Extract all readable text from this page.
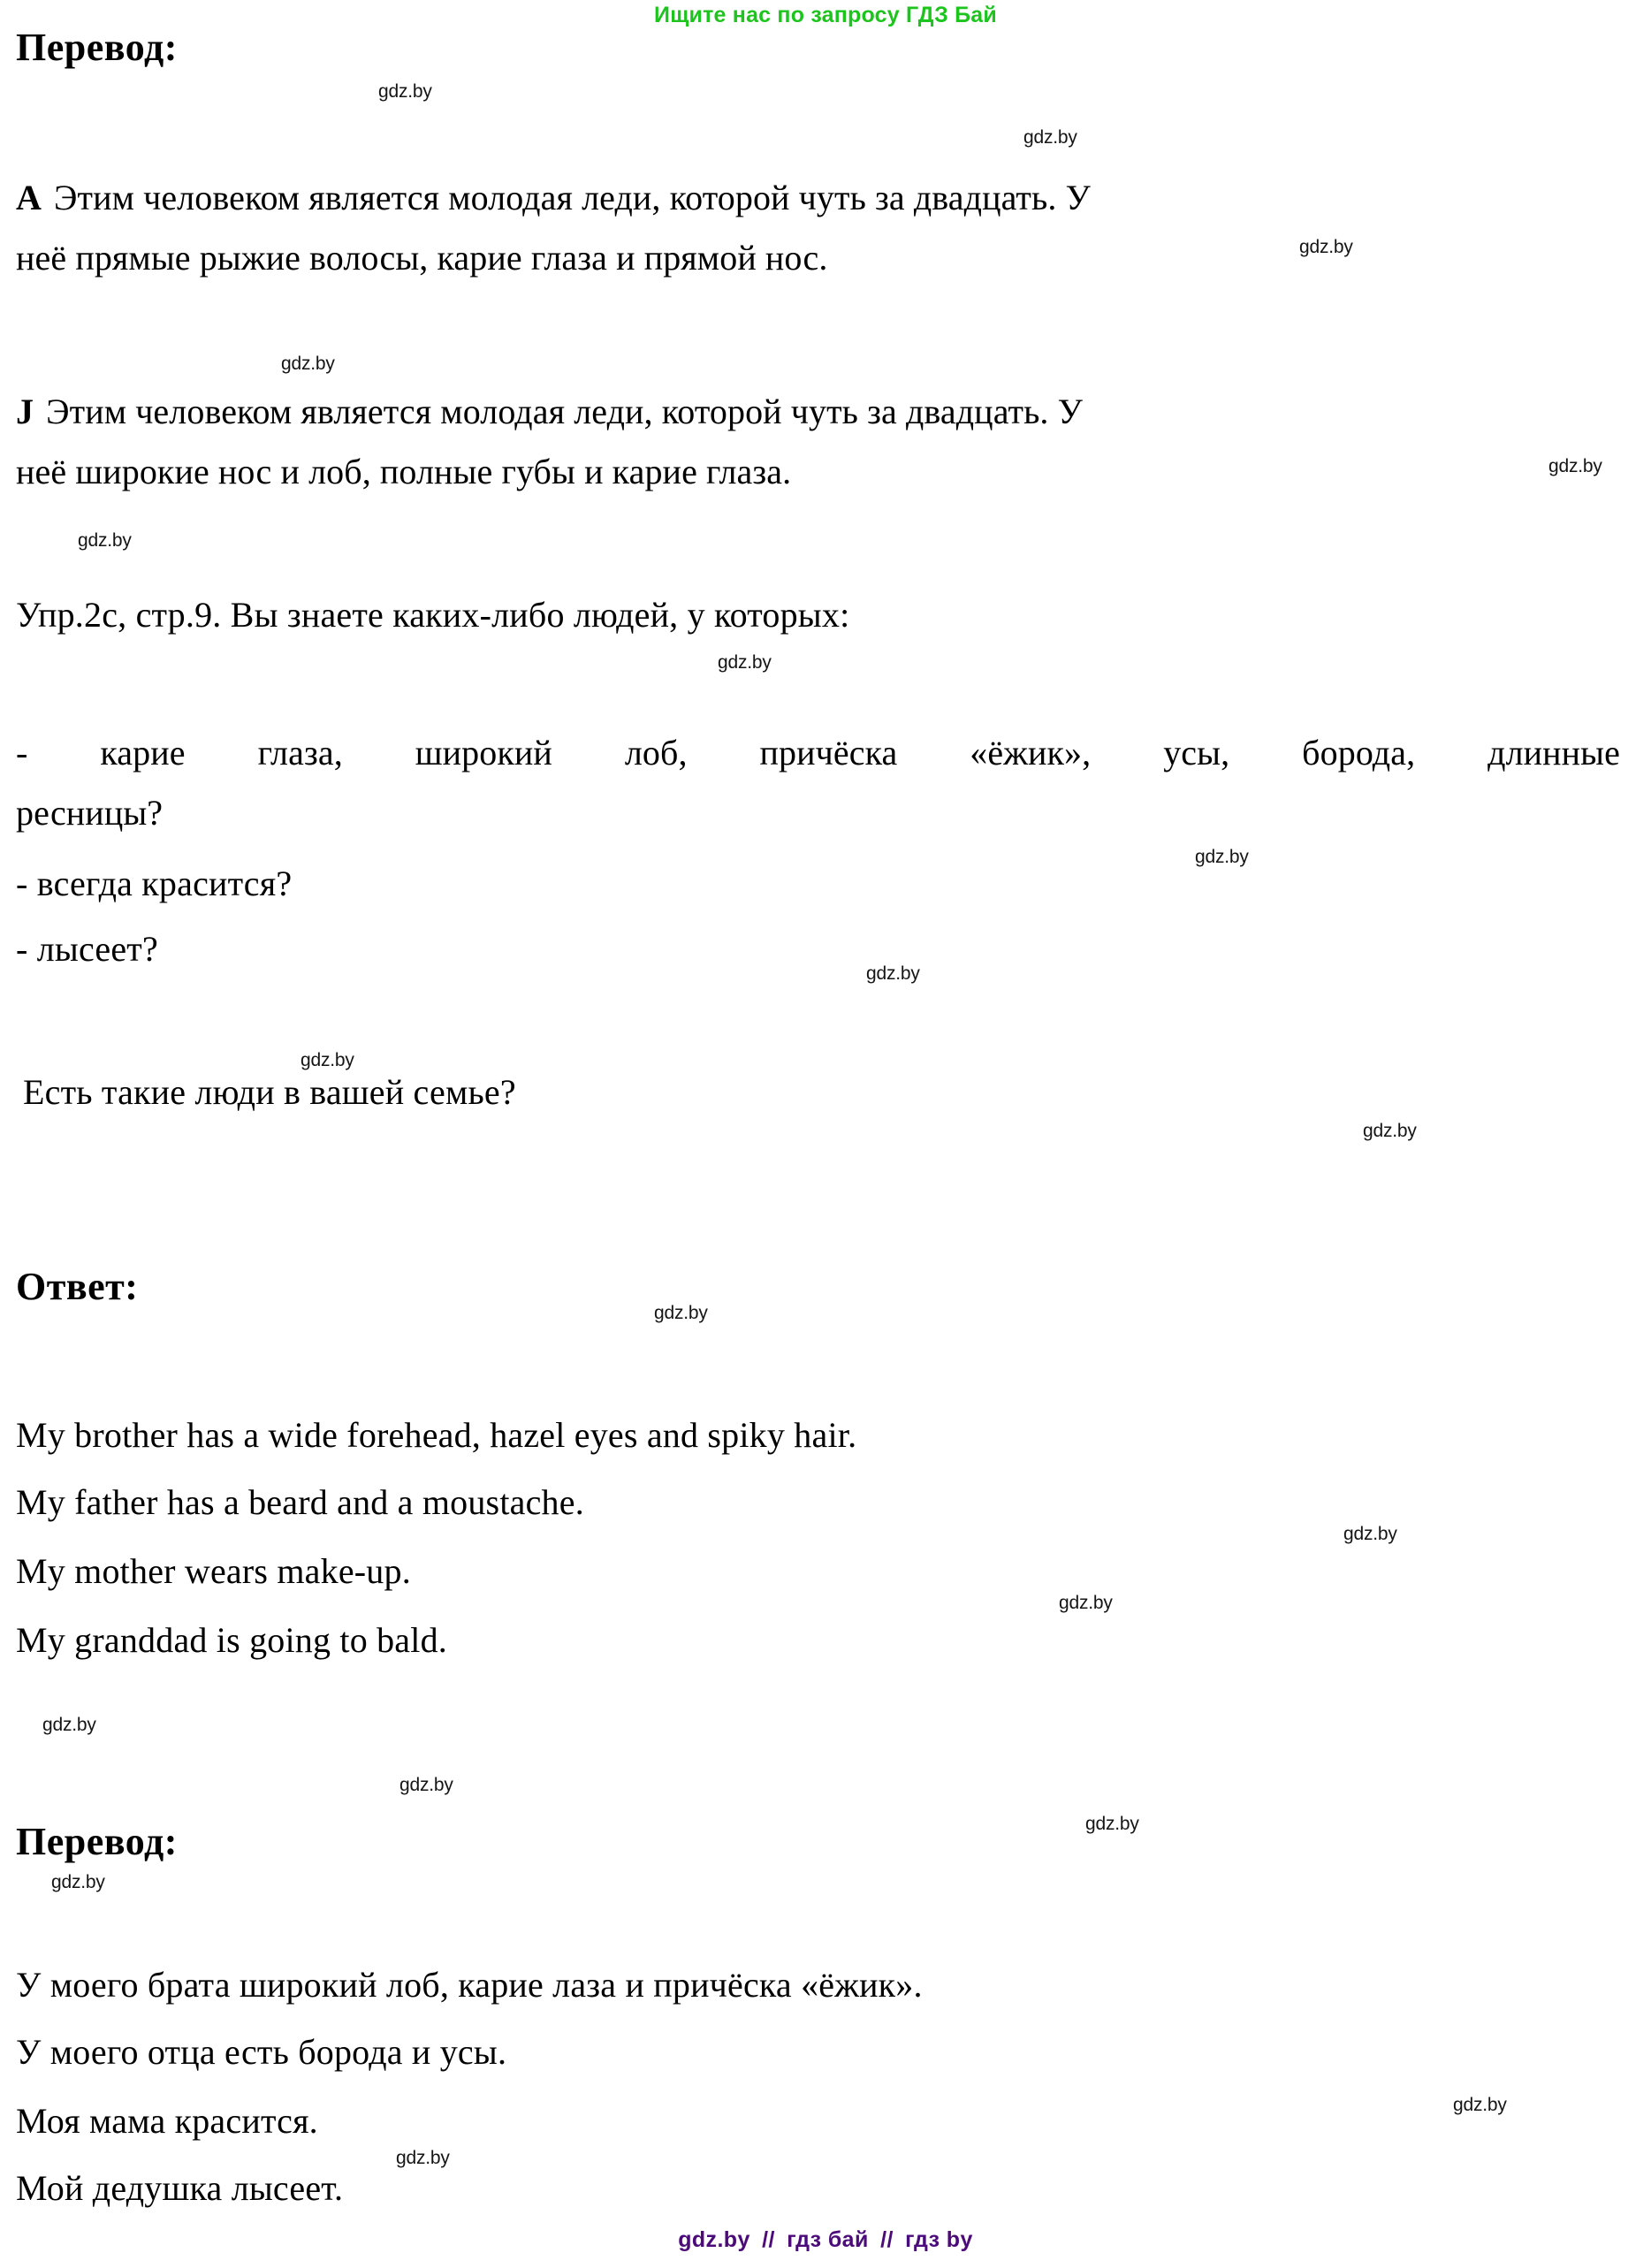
Ищите нас по запросу ГДЗ Бай
Перевод:
A Этим человеком является молодая леди, которой чуть за двадцать. У
неё прямые рыжие волосы, карие глаза и прямой нос.
J Этим человеком является молодая леди, которой чуть за двадцать. У
неё широкие нос и лоб, полные губы и карие глаза.
Упр.2c, стр.9. Вы знаете каких-либо людей, у которых:
- карие глаза, широкий лоб, причёска «ёжик», усы, борода, длинные
ресницы?
- всегда красится?
- лысеет?
Есть такие люди в вашей семье?
Ответ:
My brother has a wide forehead, hazel eyes and spiky hair.
My father has a beard and a moustache.
My mother wears make-up.
My granddad is going to bald.
Перевод:
У моего брата широкий лоб, карие лаза и причёска «ёжик».
У моего отца есть борода и усы.
Моя мама красится.
Мой дедушка лысеет.
gdz.by
gdz.by
gdz.by
gdz.by
gdz.by
gdz.by
gdz.by
gdz.by
gdz.by
gdz.by
gdz.by
gdz.by
gdz.by
gdz.by
gdz.by
gdz.by
gdz.by
gdz.by
gdz.by
gdz.by
gdz.by // гдз бай // гдз by
